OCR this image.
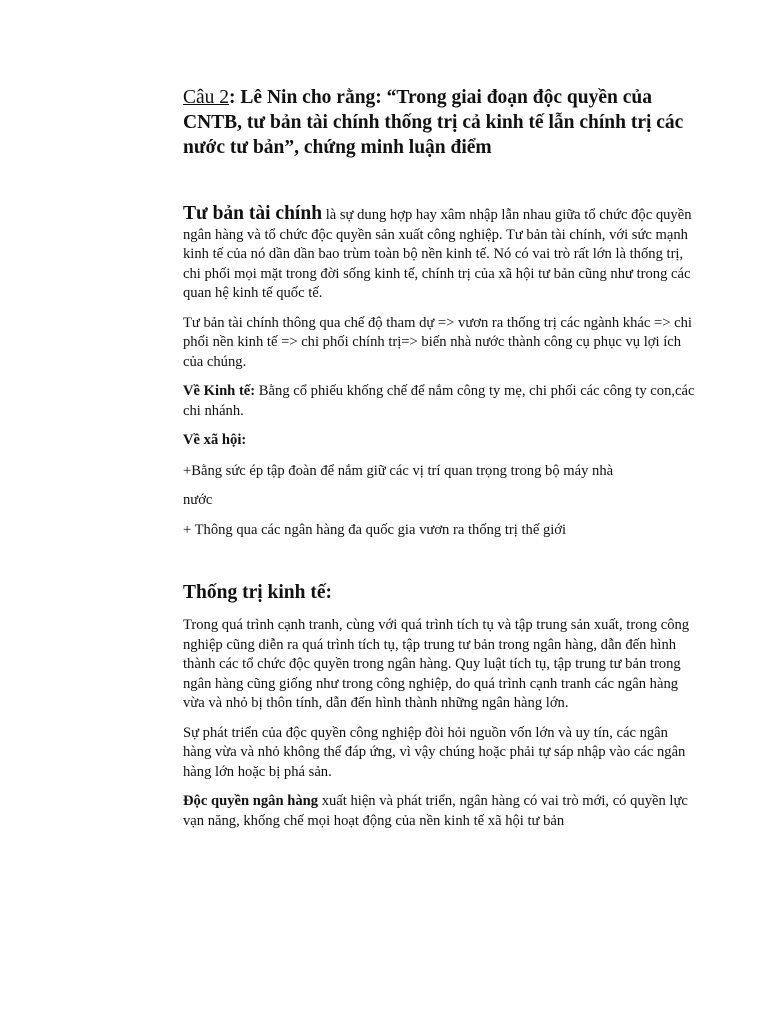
Câu 2: Lê Nin cho rằng: “Trong giai đoạn độc quyền của CNTB, tư bản tài chính thống trị cả kinh tế lẫn chính trị các nước tư bản”, chứng minh luận điểm

Tư bản tài chính là sự dung hợp hay xâm nhập lẫn nhau giữa tổ chức độc quyền ngân hàng và tổ chức độc quyền sản xuất công nghiệp. Tư bản tài chính, với sức mạnh kinh tế của nó dần dần bao trùm toàn bộ nền kinh tế. Nó có vai trò rất lớn là thống trị, chi phối mọi mặt trong đời sống kinh tế, chính trị của xã hội tư bản cũng như trong các quan hệ kinh tế quốc tế.

Tư bản tài chính thông qua chế độ tham dự => vươn ra thống trị các ngành khác => chi phối nền kinh tế => chi phối chính trị=> biến nhà nước thành công cụ phục vụ lợi ích của chúng.

Về Kinh tế: Bằng cổ phiếu khống chế để nắm công ty mẹ, chi phối các công ty con,các chi nhánh.

Về xã hội:

+Bằng sức ép tập đoàn để nắm giữ các vị trí quan trọng trong bộ máy nhà

nước

+ Thông qua các ngân hàng đa quốc gia vươn ra thống trị thế giới

Thống trị kinh tế:

Trong quá trình cạnh tranh, cùng với quá trình tích tụ và tập trung sản xuất, trong công nghiệp cũng diễn ra quá trình tích tụ, tập trung tư bản trong ngân hàng, dẫn đến hình thành các tổ chức độc quyền trong ngân hàng. Quy luật tích tụ, tập trung tư bản trong ngân hàng cũng giống như trong công nghiệp, do quá trình cạnh tranh các ngân hàng vừa và nhỏ bị thôn tính, dẫn đến hình thành những ngân hàng lớn.

Sự phát triển của độc quyền công nghiệp đòi hỏi nguồn vốn lớn và uy tín, các ngân hàng vừa và nhỏ không thể đáp ứng, vì vậy chúng hoặc phải tự sáp nhập vào các ngân hàng lớn hoặc bị phá sản.

Độc quyền ngân hàng xuất hiện và phát triển, ngân hàng có vai trò mới, có quyền lực vạn năng, khống chế mọi hoạt động của nền kinh tế xã hội tư bản
